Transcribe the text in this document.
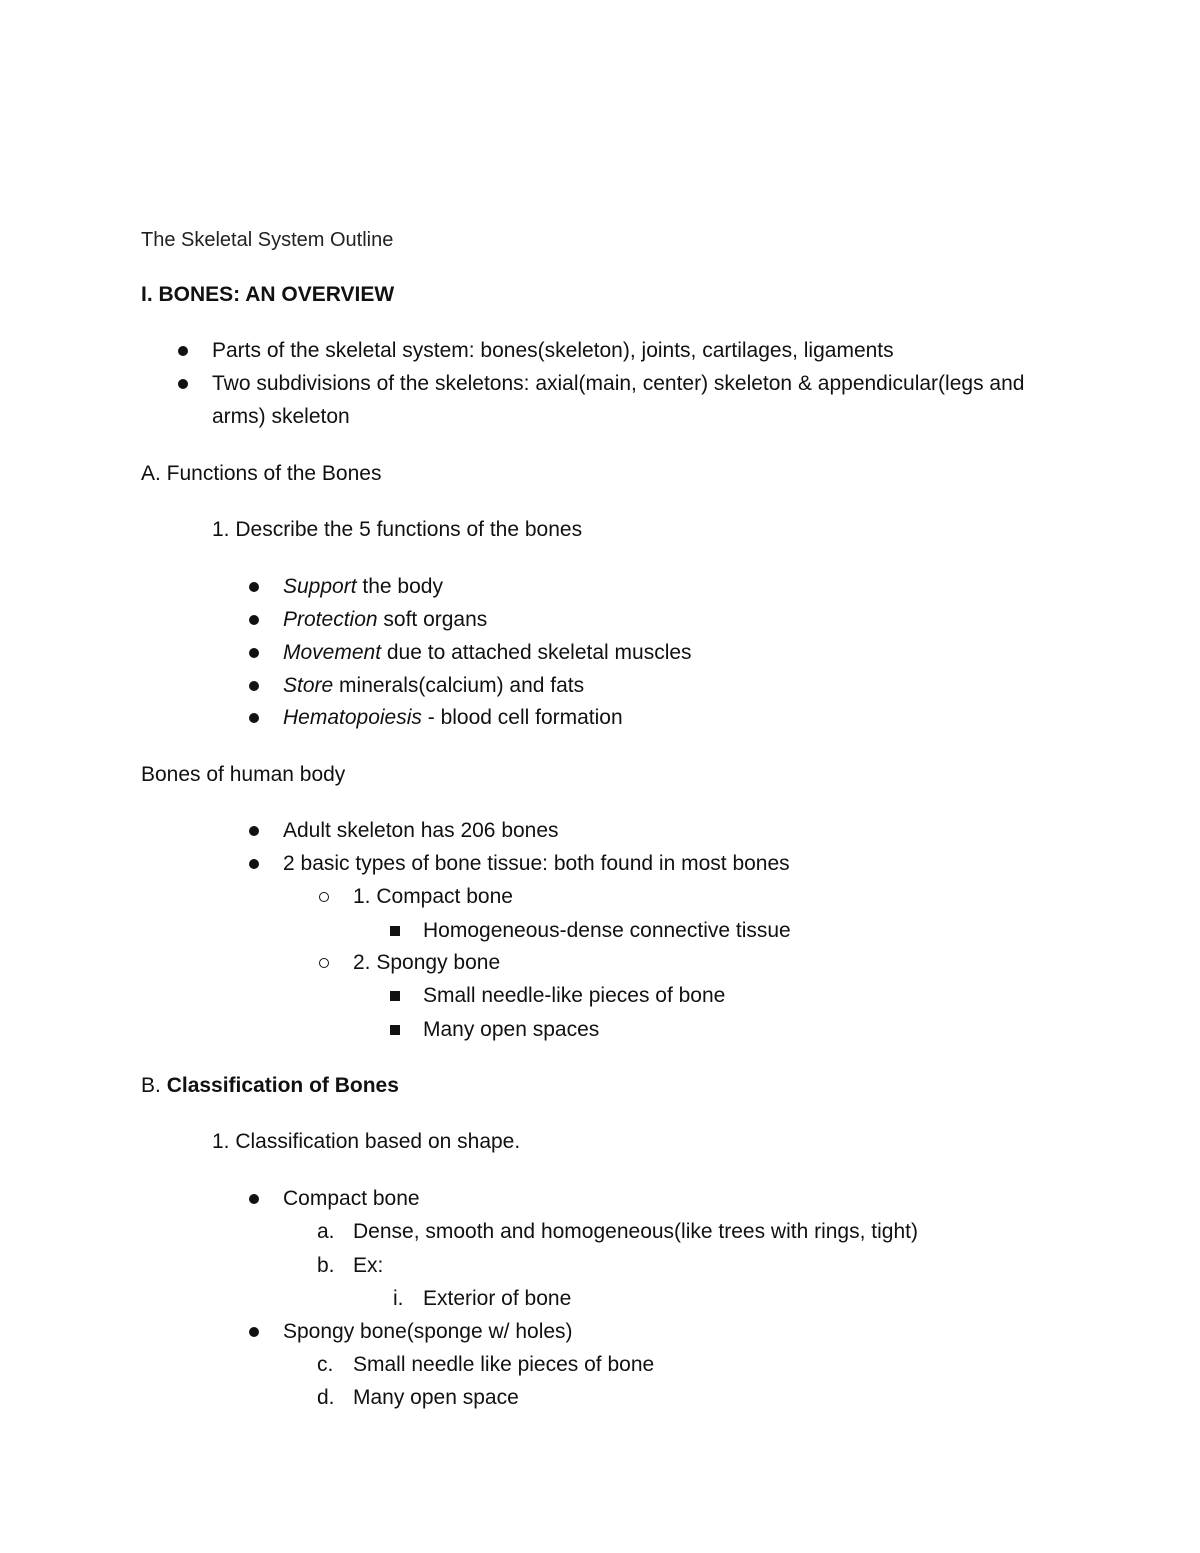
The Skeletal System Outline
I. BONES: AN OVERVIEW
Parts of the skeletal system: bones(skeleton), joints, cartilages, ligaments
Two subdivisions of the skeletons: axial(main, center) skeleton & appendicular(legs and
arms) skeleton
A. Functions of the Bones
1. Describe the 5 functions of the bones
Support the body
Protection soft organs
Movement due to attached skeletal muscles
Store minerals(calcium) and fats
Hematopoiesis - blood cell formation
Bones of human body
Adult skeleton has 206 bones
2 basic types of bone tissue: both found in most bones
1. Compact bone
Homogeneous-dense connective tissue
2. Spongy bone
Small needle-like pieces of bone
Many open spaces
B. Classification of Bones
1. Classification based on shape.
Compact bone
a. Dense, smooth and homogeneous(like trees with rings, tight)
b. Ex:
i. Exterior of bone
Spongy bone(sponge w/ holes)
c. Small needle like pieces of bone
d. Many open space
